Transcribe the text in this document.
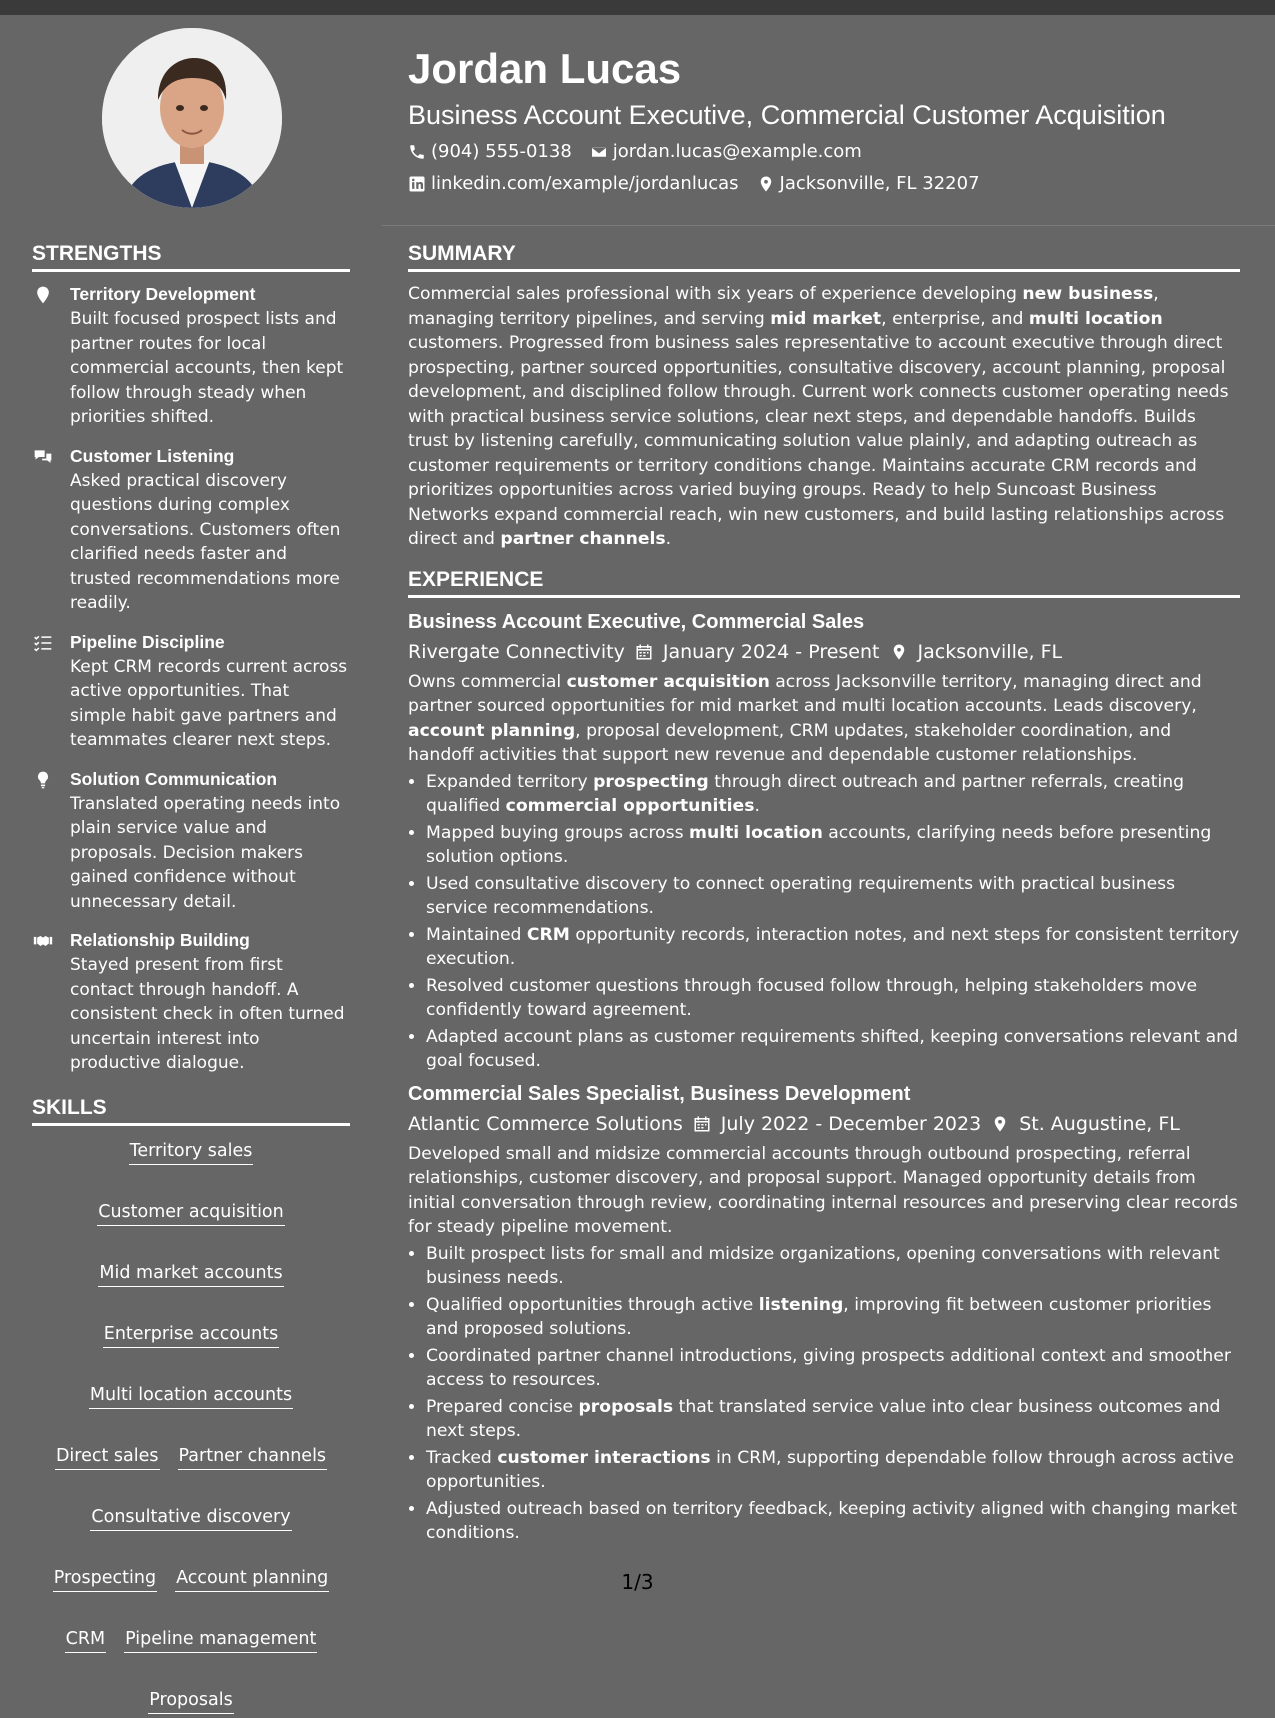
Jordan Lucas
Business Account Executive, Commercial Customer Acquisition
(904) 555-0138 jordan.lucas@example.com
linkedin.com/example/jordanlucas Jacksonville, FL 32207
STRENGTHS
Territory Development
Built focused prospect lists and partner routes for local commercial accounts, then kept follow through steady when priorities shifted.
Customer Listening
Asked practical discovery questions during complex conversations. Customers often clarified needs faster and trusted recommendations more readily.
Pipeline Discipline
Kept CRM records current across active opportunities. That simple habit gave partners and teammates clearer next steps.
Solution Communication
Translated operating needs into plain service value and proposals. Decision makers gained confidence without unnecessary detail.
Relationship Building
Stayed present from first contact through handoff. A consistent check in often turned uncertain interest into productive dialogue.
SKILLS
Territory sales
Customer acquisition
Mid market accounts
Enterprise accounts
Multi location accounts
Direct sales Partner channels
Consultative discovery
Prospecting Account planning
CRM Pipeline management
Proposals
SUMMARY

Commercial sales professional with six years of experience developing new business, managing territory pipelines, and serving mid market, enterprise, and multi location customers. Progressed from business sales representative to account executive through direct prospecting, partner sourced opportunities, consultative discovery, account planning, proposal development, and disciplined follow through. Current work connects customer operating needs with practical business service solutions, clear next steps, and dependable handoffs. Builds trust by listening carefully, communicating solution value plainly, and adapting outreach as customer requirements or territory conditions change. Maintains accurate CRM records and prioritizes opportunities across varied buying groups. Ready to help Suncoast Business Networks expand commercial reach, win new customers, and build lasting relationships across direct and partner channels.

EXPERIENCE
Business Account Executive, Commercial Sales
Rivergate Connectivity January 2024 - Present Jacksonville, FL

Owns commercial customer acquisition across Jacksonville territory, managing direct and partner sourced opportunities for mid market and multi location accounts. Leads discovery, account planning, proposal development, CRM updates, stakeholder coordination, and handoff activities that support new revenue and dependable customer relationships.

• Expanded territory prospecting through direct outreach and partner referrals, creating qualified commercial opportunities.
• Mapped buying groups across multi location accounts, clarifying needs before presenting solution options.
• Used consultative discovery to connect operating requirements with practical business service recommendations.
• Maintained CRM opportunity records, interaction notes, and next steps for consistent territory execution.
• Resolved customer questions through focused follow through, helping stakeholders move confidently toward agreement.
• Adapted account plans as customer requirements shifted, keeping conversations relevant and goal focused.
Commercial Sales Specialist, Business Development
Atlantic Commerce Solutions July 2022 - December 2023 St. Augustine, FL

Developed small and midsize commercial accounts through outbound prospecting, referral relationships, customer discovery, and proposal support. Managed opportunity details from initial conversation through review, coordinating internal resources and preserving clear records for steady pipeline movement.

• Built prospect lists for small and midsize organizations, opening conversations with relevant business needs.
• Qualified opportunities through active listening, improving fit between customer priorities and proposed solutions.
• Coordinated partner channel introductions, giving prospects additional context and smoother access to resources.
• Prepared concise proposals that translated service value into clear business outcomes and next steps.
• Tracked customer interactions in CRM, supporting dependable follow through across active opportunities.
• Adjusted outreach based on territory feedback, keeping activity aligned with changing market conditions.
1/3
